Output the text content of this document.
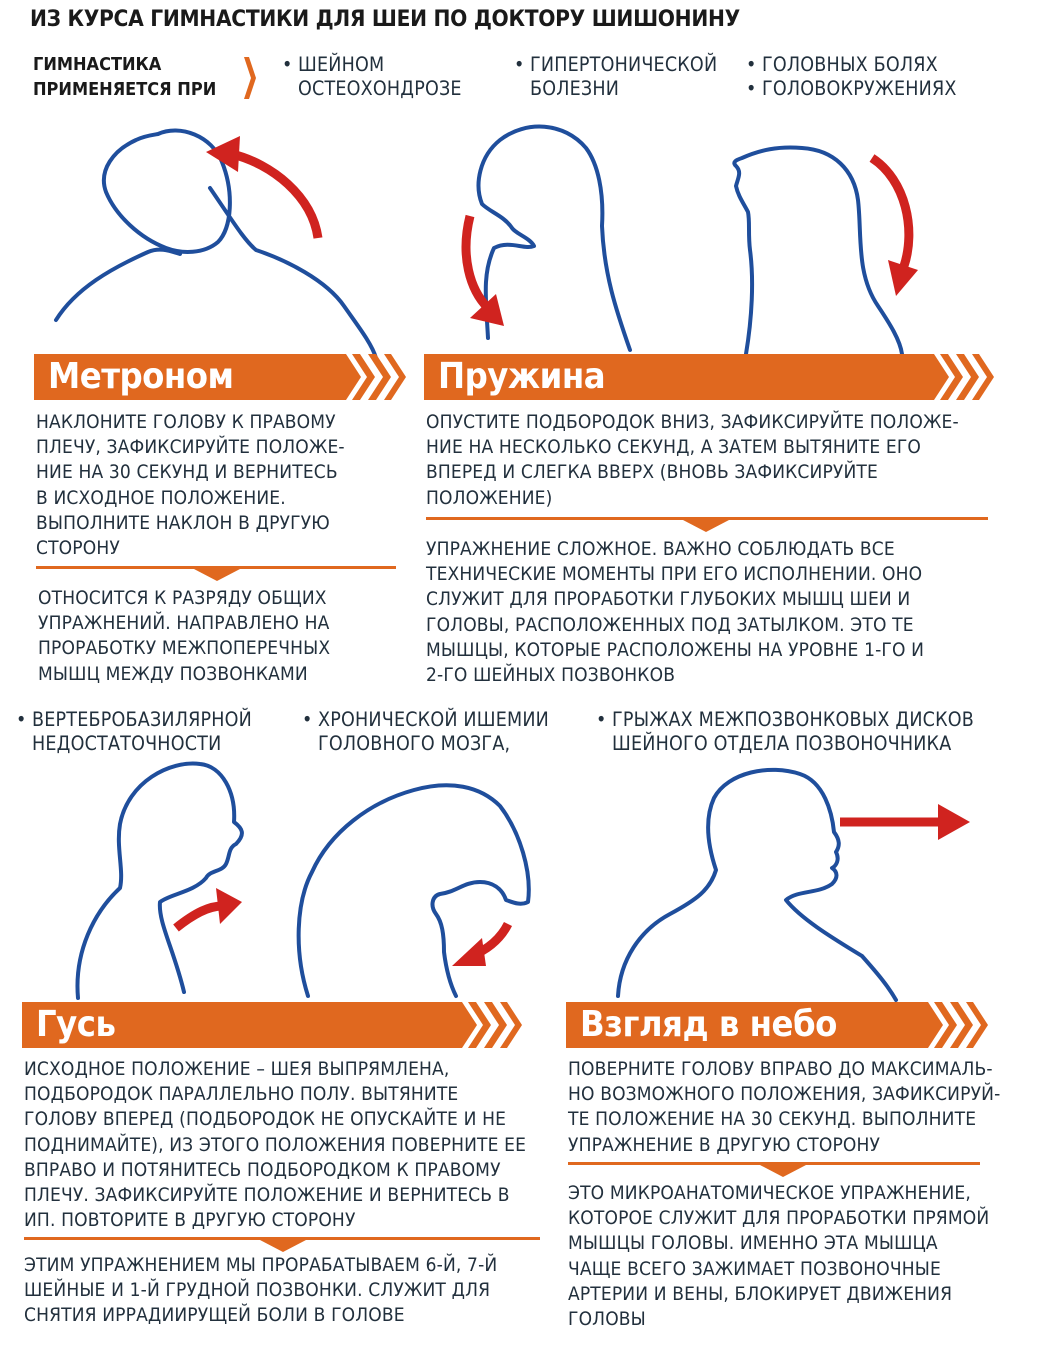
ИЗ КУРСА ГИМНАСТИКИ ДЛЯ ШЕИ ПО ДОКТОРУ ШИШОНИНУ
ГИМНАСТИКА
ПРИМЕНЯЕТСЯ ПРИ
• ШЕЙНОМ
ОСТЕОХОНДРОЗЕ
• ГИПЕРТОНИЧЕСКОЙ
БОЛЕЗНИ
• ГОЛОВНЫХ БОЛЯХ
• ГОЛОВОКРУЖЕНИЯХ
Метроном	Пружина
НАКЛОНИТЕ ГОЛОВУ К ПРАВОМУ
ПЛЕЧУ, ЗАФИКСИРУЙТЕ ПОЛОЖЕ-
НИЕ НА 30 СЕКУНД И ВЕРНИТЕСЬ
В ИСХОДНОЕ ПОЛОЖЕНИЕ.
ВЫПОЛНИТЕ НАКЛОН В ДРУГУЮ
СТОРОНУ
ОТНОСИТСЯ К РАЗРЯДУ ОБЩИХ
УПРАЖНЕНИЙ. НАПРАВЛЕНО НА
ПРОРАБОТКУ МЕЖПОПЕРЕЧНЫХ
МЫШЦ МЕЖДУ ПОЗВОНКАМИ
ОПУСТИТЕ ПОДБОРОДОК ВНИЗ, ЗАФИКСИРУЙТЕ ПОЛОЖЕ-
НИЕ НА НЕСКОЛЬКО СЕКУНД, А ЗАТЕМ ВЫТЯНИТЕ ЕГО
ВПЕРЕД И СЛЕГКА ВВЕРХ (ВНОВЬ ЗАФИКСИРУЙТЕ
ПОЛОЖЕНИЕ)
УПРАЖНЕНИЕ СЛОЖНОЕ. ВАЖНО СОБЛЮДАТЬ ВСЕ
ТЕХНИЧЕСКИЕ МОМЕНТЫ ПРИ ЕГО ИСПОЛНЕНИИ. ОНО
СЛУЖИТ ДЛЯ ПРОРАБОТКИ ГЛУБОКИХ МЫШЦ ШЕИ И
ГОЛОВЫ, РАСПОЛОЖЕННЫХ ПОД ЗАТЫЛКОМ. ЭТО ТЕ
МЫШЦЫ, КОТОРЫЕ РАСПОЛОЖЕНЫ НА УРОВНЕ 1-ГО И
2-ГО ШЕЙНЫХ ПОЗВОНКОВ
• ВЕРТЕБРОБАЗИЛЯРНОЙ
НЕДОСТАТОЧНОСТИ
• ХРОНИЧЕСКОЙ ИШЕМИИ
ГОЛОВНОГО МОЗГА,
• ГРЫЖАХ МЕЖПОЗВОНКОВЫХ ДИСКОВ
ШЕЙНОГО ОТДЕЛА ПОЗВОНОЧНИКА
Гусь	Взгляд в небо
ИСХОДНОЕ ПОЛОЖЕНИЕ – ШЕЯ ВЫПРЯМЛЕНА,
ПОДБОРОДОК ПАРАЛЛЕЛЬНО ПОЛУ. ВЫТЯНИТЕ
ГОЛОВУ ВПЕРЕД (ПОДБОРОДОК НЕ ОПУСКАЙТЕ И НЕ
ПОДНИМАЙТЕ), ИЗ ЭТОГО ПОЛОЖЕНИЯ ПОВЕРНИТЕ ЕЕ
ВПРАВО И ПОТЯНИТЕСЬ ПОДБОРОДКОМ К ПРАВОМУ
ПЛЕЧУ. ЗАФИКСИРУЙТЕ ПОЛОЖЕНИЕ И ВЕРНИТЕСЬ В
ИП. ПОВТОРИТЕ В ДРУГУЮ СТОРОНУ
ЭТИМ УПРАЖНЕНИЕМ МЫ ПРОРАБАТЫВАЕМ 6-Й, 7-Й
ШЕЙНЫЕ И 1-Й ГРУДНОЙ ПОЗВОНКИ. СЛУЖИТ ДЛЯ
СНЯТИЯ ИРРАДИИРУЩЕЙ БОЛИ В ГОЛОВЕ
ПОВЕРНИТЕ ГОЛОВУ ВПРАВО ДО МАКСИМАЛЬ-
НО ВОЗМОЖНОГО ПОЛОЖЕНИЯ, ЗАФИКСИРУЙ-
ТЕ ПОЛОЖЕНИЕ НА 30 СЕКУНД. ВЫПОЛНИТЕ
УПРАЖНЕНИЕ В ДРУГУЮ СТОРОНУ
ЭТО МИКРОАНАТОМИЧЕСКОЕ УПРАЖНЕНИЕ,
КОТОРОЕ СЛУЖИТ ДЛЯ ПРОРАБОТКИ ПРЯМОЙ
МЫШЦЫ ГОЛОВЫ. ИМЕННО ЭТА МЫШЦА
ЧАЩЕ ВСЕГО ЗАЖИМАЕТ ПОЗВОНОЧНЫЕ
АРТЕРИИ И ВЕНЫ, БЛОКИРУЕТ ДВИЖЕНИЯ
ГОЛОВЫ
